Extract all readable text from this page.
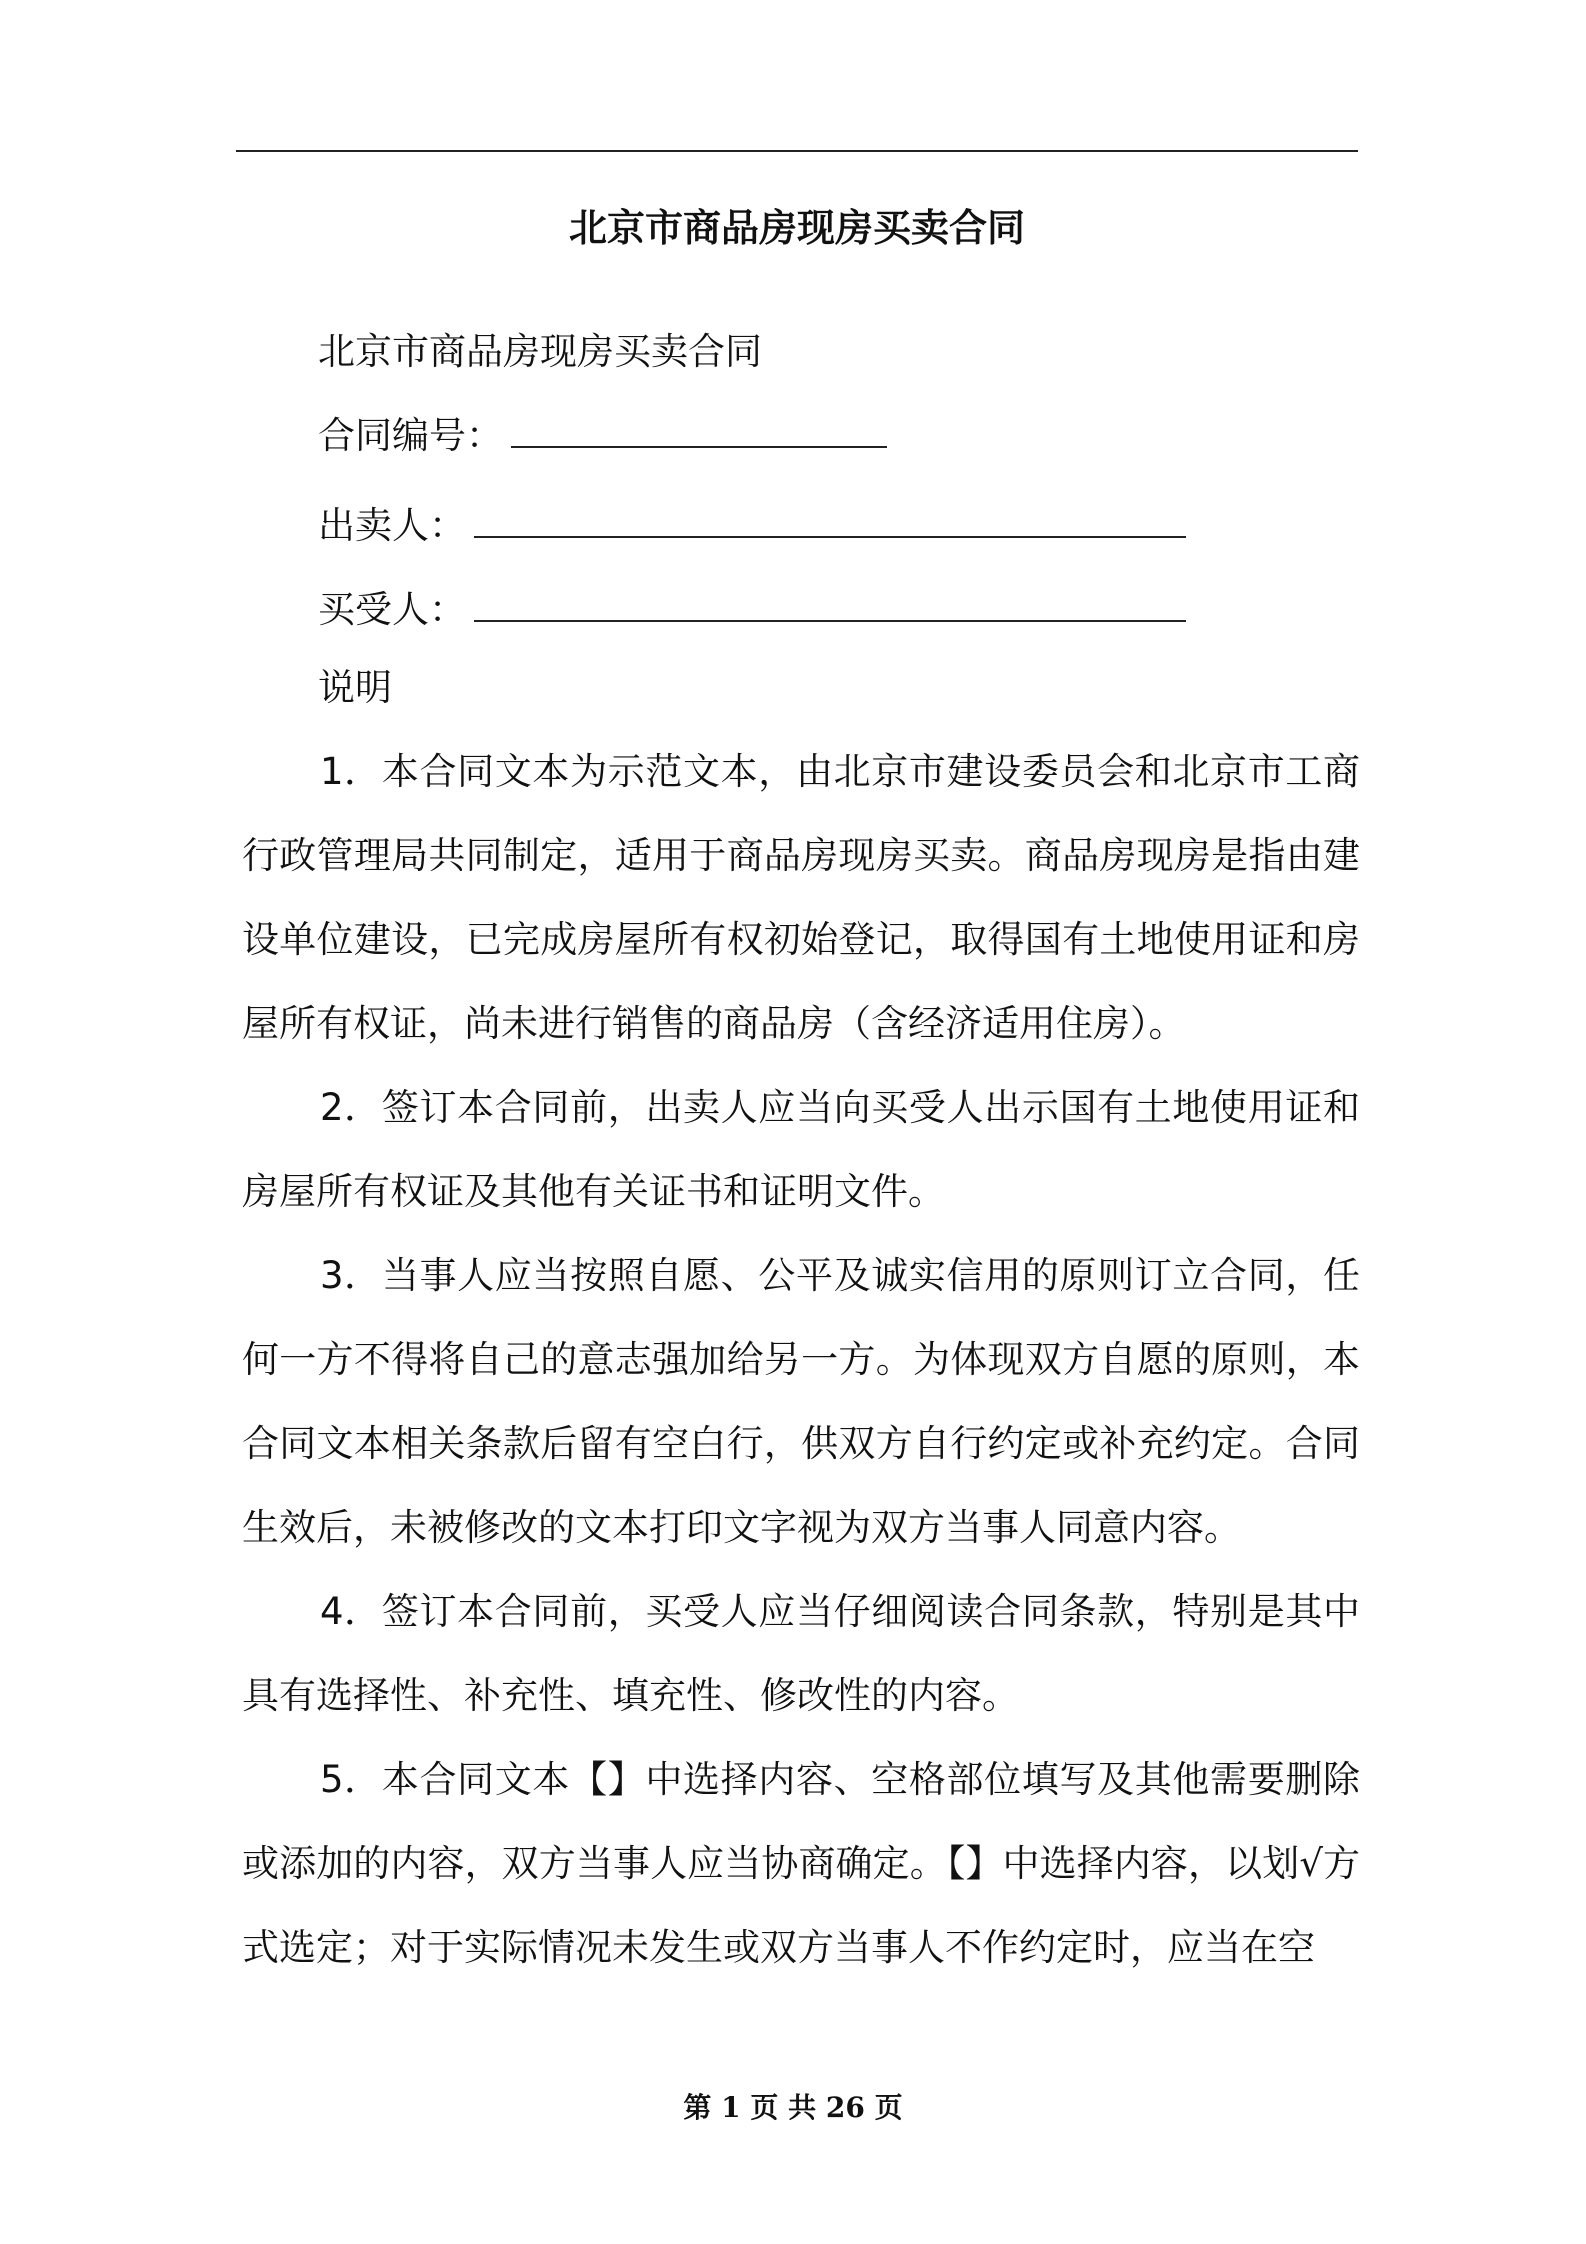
北京市商品房现房买卖合同
北京市商品房现房买卖合同
合同编号：
出卖人：
买受人：
说明
1．本合同文本为示范文本，由北京市建设委员会和北京市工商行政管理局共同制定，适用于商品房现房买卖。商品房现房是指由建设单位建设，已完成房屋所有权初始登记，取得国有土地使用证和房屋所有权证，尚未进行销售的商品房（含经济适用住房）。
2．签订本合同前，出卖人应当向买受人出示国有土地使用证和房屋所有权证及其他有关证书和证明文件。
3．当事人应当按照自愿、公平及诚实信用的原则订立合同，任何一方不得将自己的意志强加给另一方。为体现双方自愿的原则，本合同文本相关条款后留有空白行，供双方自行约定或补充约定。合同生效后，未被修改的文本打印文字视为双方当事人同意内容。
4．签订本合同前，买受人应当仔细阅读合同条款，特别是其中具有选择性、补充性、填充性、修改性的内容。
5．本合同文本【】中选择内容、空格部位填写及其他需要删除或添加的内容，双方当事人应当协商确定。【】中选择内容，以划√方式选定；对于实际情况未发生或双方当事人不作约定时，应当在空
第 1 页 共 26 页
